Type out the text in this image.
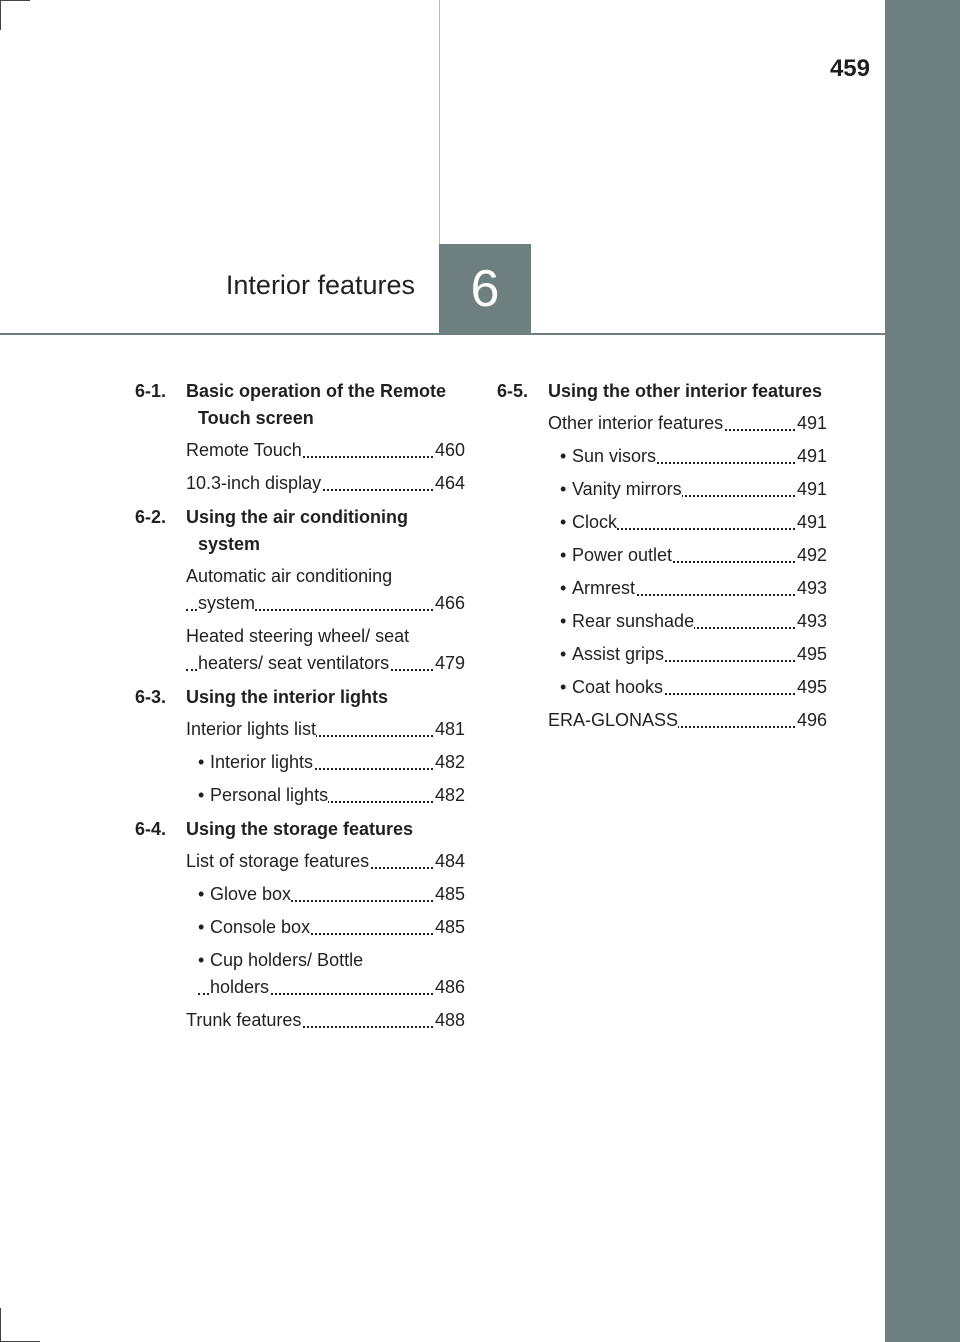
459
Interior features	6
6-1. Basic operation of the Remote Touch screen
Remote Touch	460
10.3-inch display	464
6-2. Using the air conditioning system
Automatic air conditioning system	466
Heated steering wheel/ seat heaters/ seat ventilators	479
6-3. Using the interior lights
Interior lights list	481
• Interior lights	482
• Personal lights	482
6-4. Using the storage features
List of storage features	484
• Glove box	485
• Console box	485
• Cup holders/ Bottle holders	486
Trunk features	488
6-5. Using the other interior features
Other interior features	491
• Sun visors	491
• Vanity mirrors	491
• Clock	491
• Power outlet	492
• Armrest	493
• Rear sunshade	493
• Assist grips	495
• Coat hooks	495
ERA-GLONASS	496
